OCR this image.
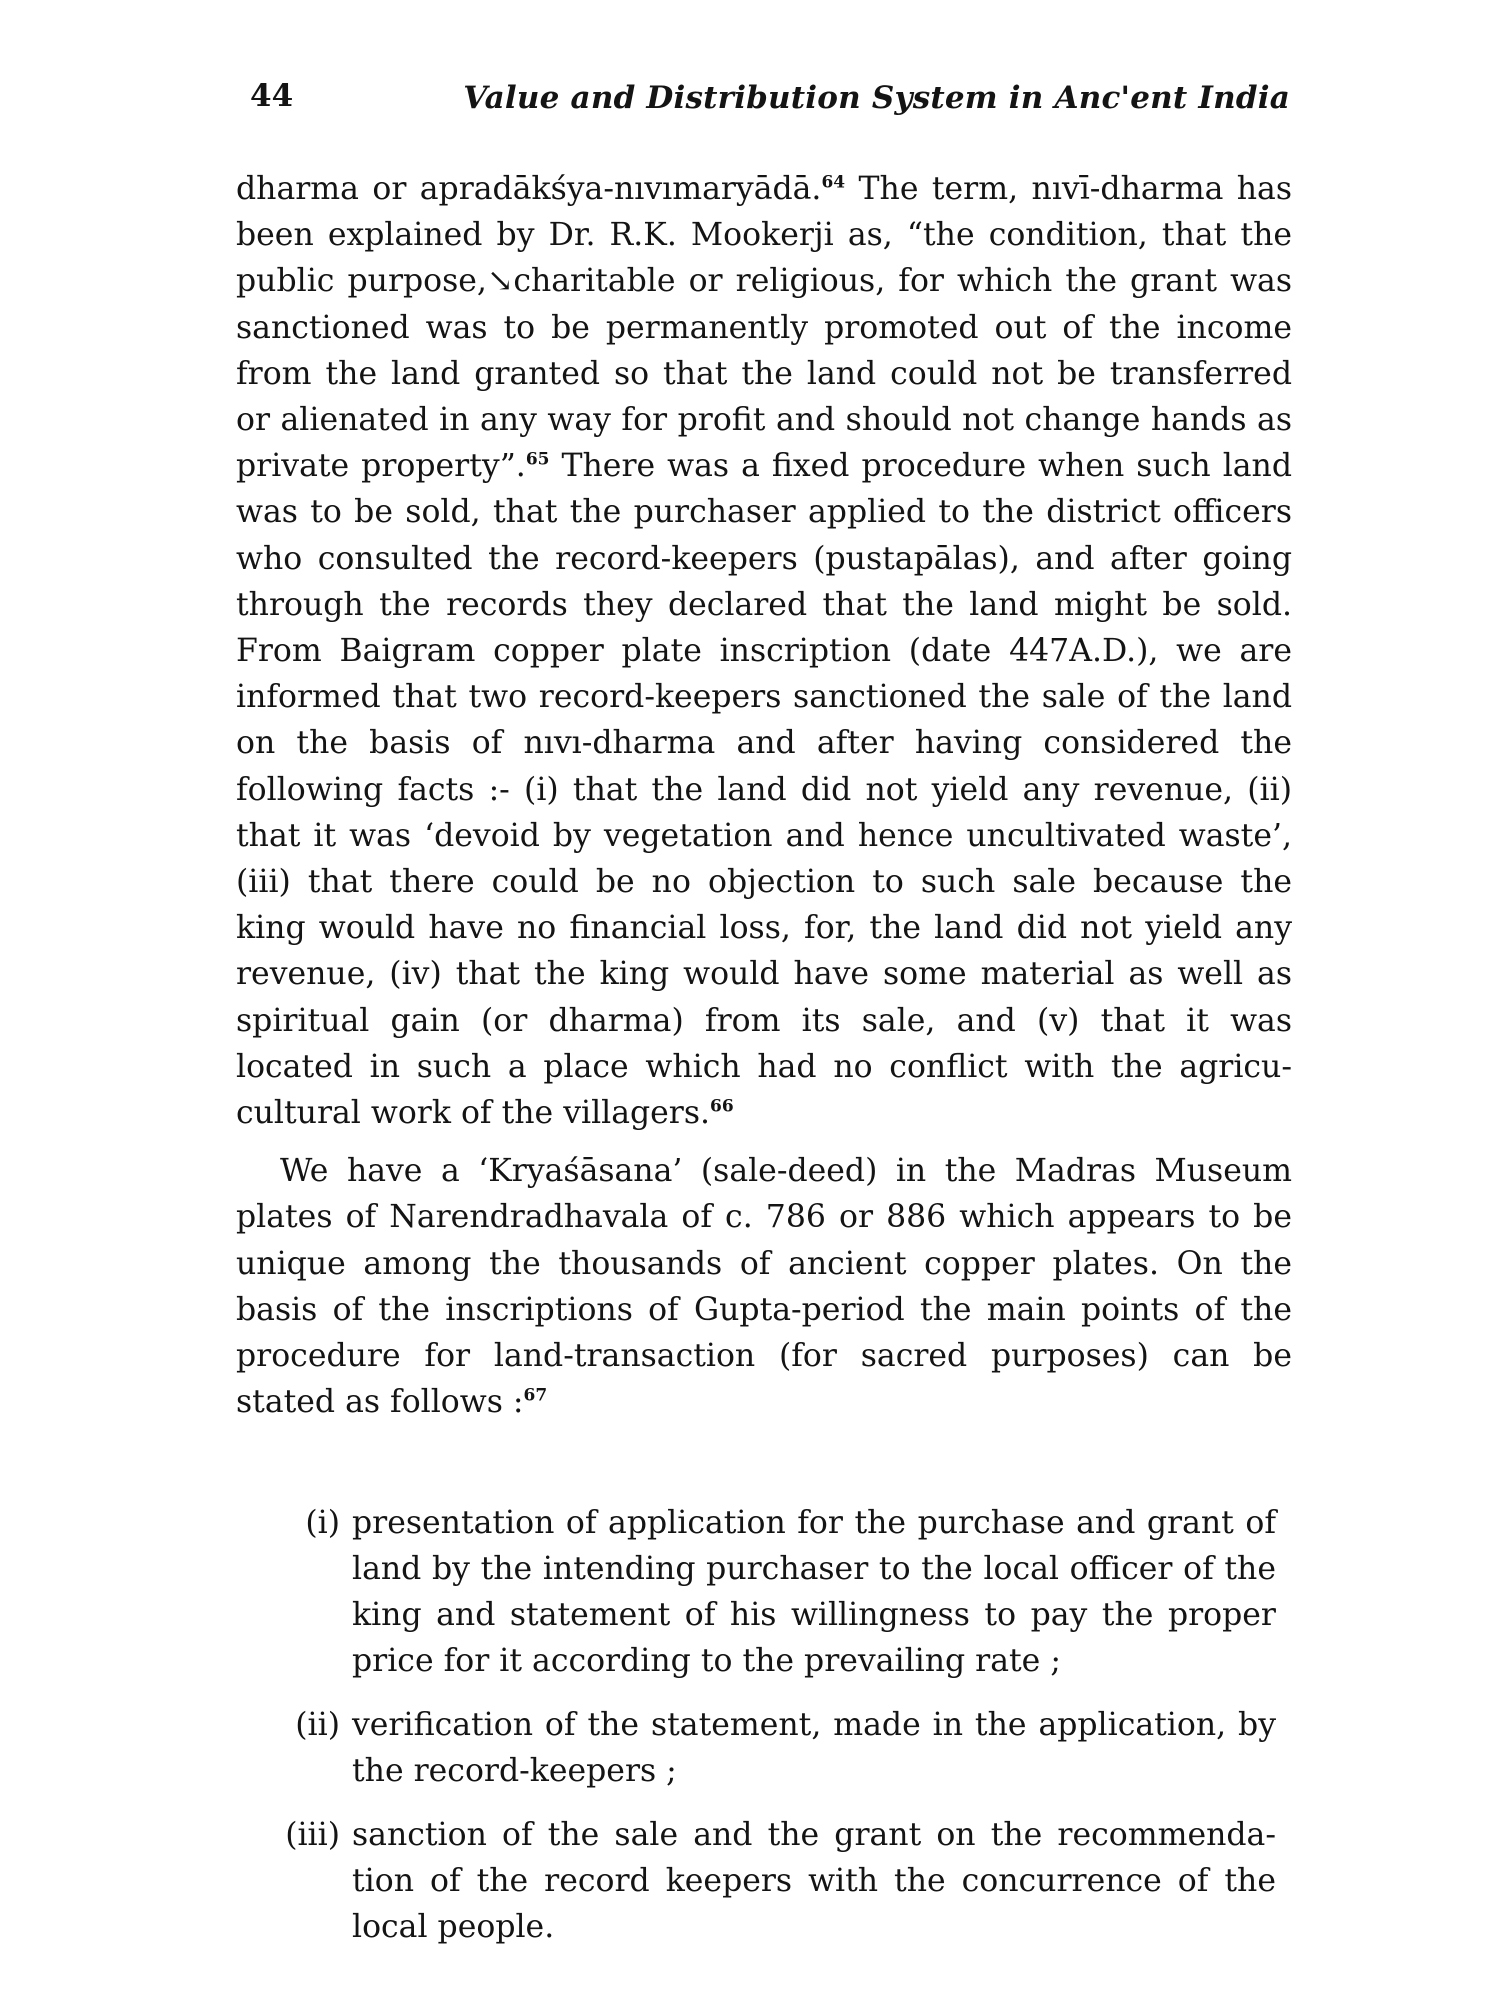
44	Value and Distribution System in Anc'ent India

dharma or apradākśya-nıvımaryādā.$^{64}$ The term, nıvī-dharma has been explained by Dr. R.K. Mookerji as, “the condition, that the public purpose,↘charitable or religious, for which the grant was sanctioned was to be permanently promoted out of the income from the land granted so that the land could not be transferred or alienated in any way for profit and should not change hands as private property”.$^{65}$ There was a fixed procedure when such land was to be sold, that the purchaser applied to the district officers who consulted the record-keepers (pustapālas), and after going through the records they declared that the land might be sold. From Baigram copper plate inscription (date 447A.D.), we are informed that two record-keepers sanctioned the sale of the land on the basis of nıvı-dharma and after having considered the following facts :- (i) that the land did not yield any revenue, (ii) that it was ‘devoid by vegetation and hence uncultivated waste’, (iii) that there could be no objection to such sale because the king would have no financial loss, for, the land did not yield any revenue, (iv) that the king would have some material as well as spiritual gain (or dharma) from its sale, and (v) that it was located in such a place which had no conflict with the agricu-cultural work of the villagers.$^{66}$

We have a ‘Kryaśāsana’ (sale-deed) in the Madras Museum plates of Narendradhavala of c. 786 or 886 which appears to be unique among the thousands of ancient copper plates. On the basis of the inscriptions of Gupta-period the main points of the procedure for land-transaction (for sacred purposes) can be stated as follows :$^{67}$

(i) presentation of application for the purchase and grant of land by the intending purchaser to the local officer of the king and statement of his willingness to pay the proper price for it according to the prevailing rate ;
(ii) verification of the statement, made in the application, by the record-keepers ;
(iii) sanction of the sale and the grant on the recommenda-tion of the record keepers with the concurrence of the local people.
